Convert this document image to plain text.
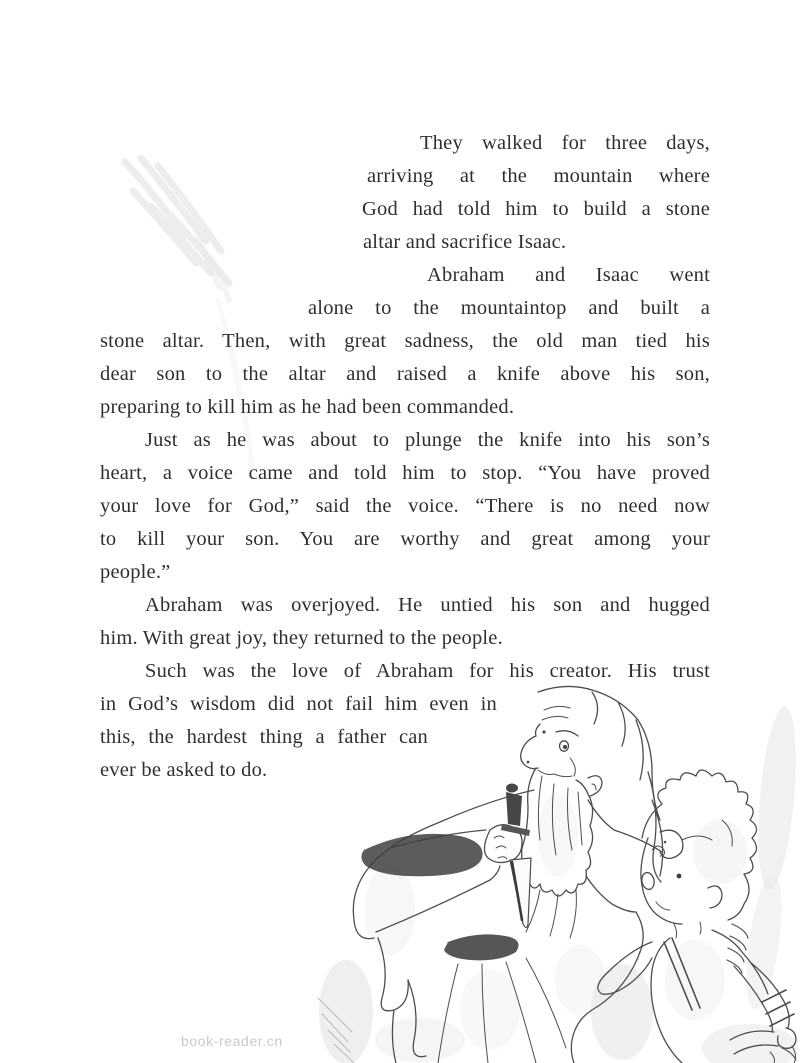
They walked for three days,
arriving at the mountain where
God had told him to build a stone
altar and sacrifice Isaac.
Abraham and Isaac went
alone to the mountaintop and built a
stone altar. Then, with great sadness, the old man tied his
dear son to the altar and raised a knife above his son,
preparing to kill him as he had been commanded.
Just as he was about to plunge the knife into his son’s
heart, a voice came and told him to stop. “You have proved
your love for God,” said the voice. “There is no need now
to kill your son. You are worthy and great among your
people.”
Abraham was overjoyed. He untied his son and hugged
him. With great joy, they returned to the people.
Such was the love of Abraham for his creator. His trust
in God’s wisdom did not fail him even in
this, the hardest thing a father can
ever be asked to do.
book-reader.cn
